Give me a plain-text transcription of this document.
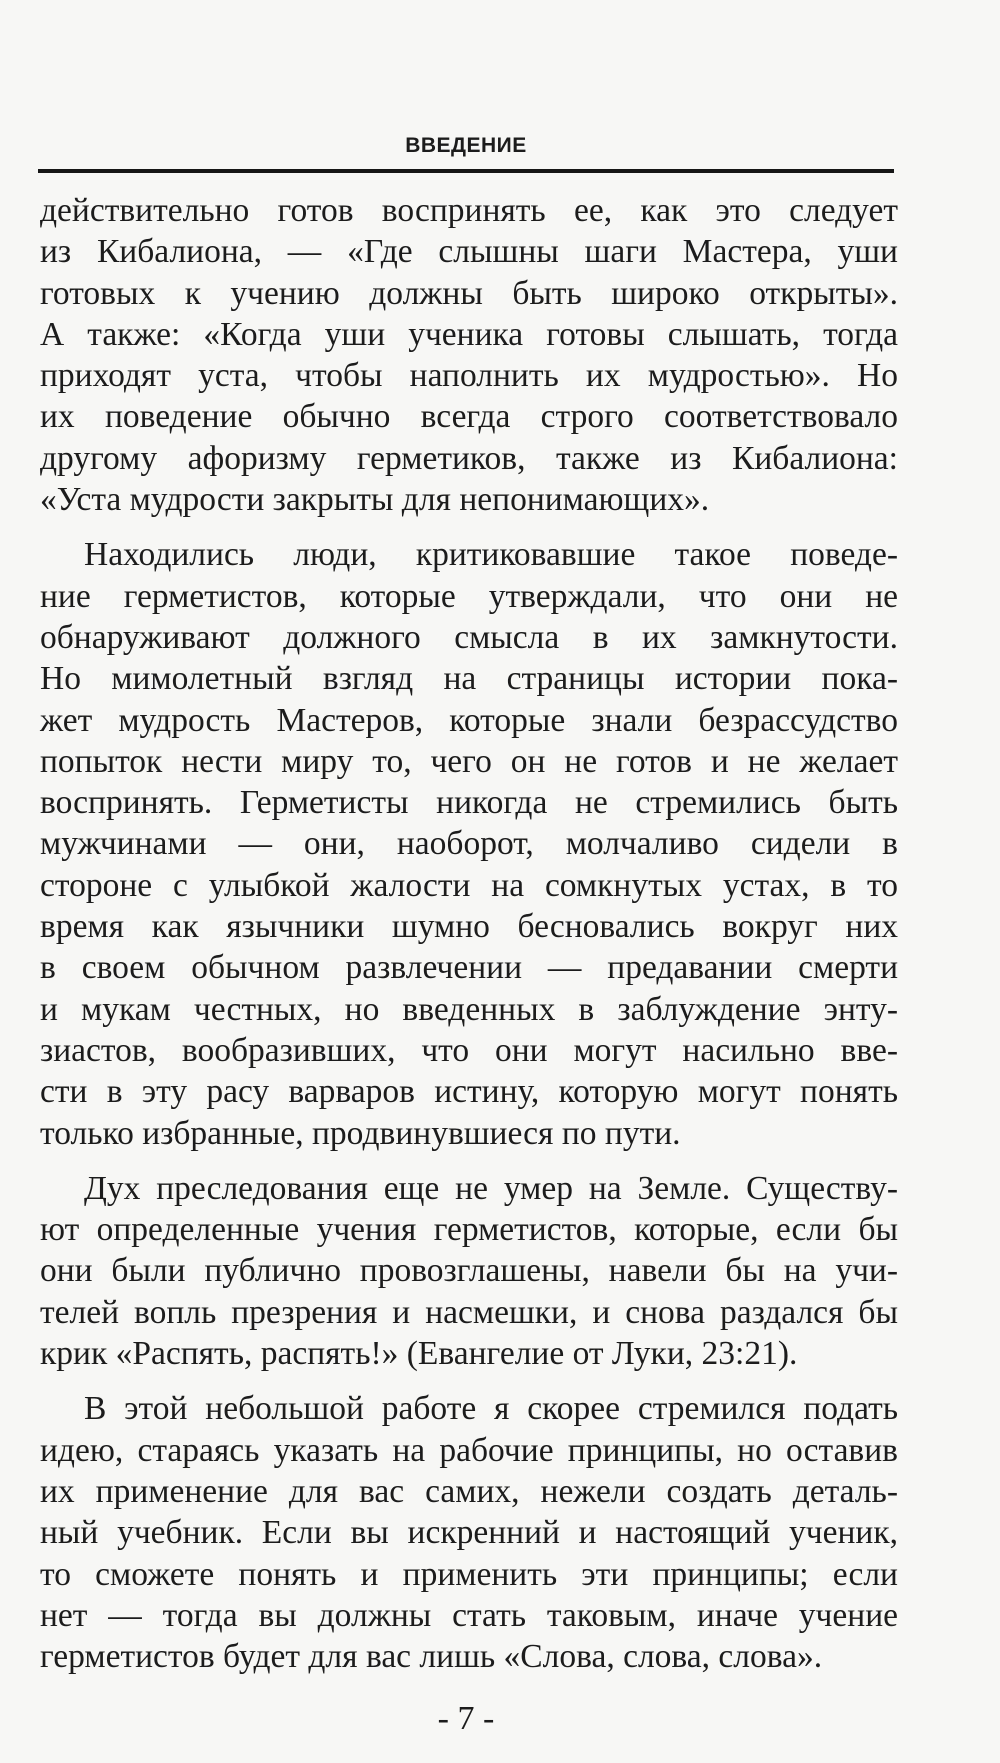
ВВЕДЕНИЕ

действительно готов воспринять ее, как это следует
из Кибалиона, — «Где слышны шаги Мастера, уши
готовых к учению должны быть широко открыты».
А также: «Когда уши ученика готовы слышать, тогда
приходят уста, чтобы наполнить их мудростью». Но
их поведение обычно всегда строго соответствовало
другому афоризму герметиков, также из Кибалиона:
«Уста мудрости закрыты для непонимающих».

Находились люди, критиковавшие такое поведе-
ние герметистов, которые утверждали, что они не
обнаруживают должного смысла в их замкнутости.
Но мимолетный взгляд на страницы истории пока-
жет мудрость Мастеров, которые знали безрассудство
попыток нести миру то, чего он не готов и не желает
воспринять. Герметисты никогда не стремились быть
мужчинами — они, наоборот, молчаливо сидели в
стороне с улыбкой жалости на сомкнутых устах, в то
время как язычники шумно бесновались вокруг них
в своем обычном развлечении — предавании смерти
и мукам честных, но введенных в заблуждение энту-
зиастов, вообразивших, что они могут насильно вве-
сти в эту расу варваров истину, которую могут понять
только избранные, продвинувшиеся по пути.

Дух преследования еще не умер на Земле. Существу-
ют определенные учения герметистов, которые, если бы
они были публично провозглашены, навели бы на учи-
телей вопль презрения и насмешки, и снова раздался бы
крик «Распять, распять!» (Евангелие от Луки, 23:21).

В этой небольшой работе я скорее стремился подать
идею, стараясь указать на рабочие принципы, но оставив
их применение для вас самих, нежели создать деталь-
ный учебник. Если вы искренний и настоящий ученик,
то сможете понять и применить эти принципы; если
нет — тогда вы должны стать таковым, иначе учение
герметистов будет для вас лишь «Слова, слова, слова».

- 7 -
